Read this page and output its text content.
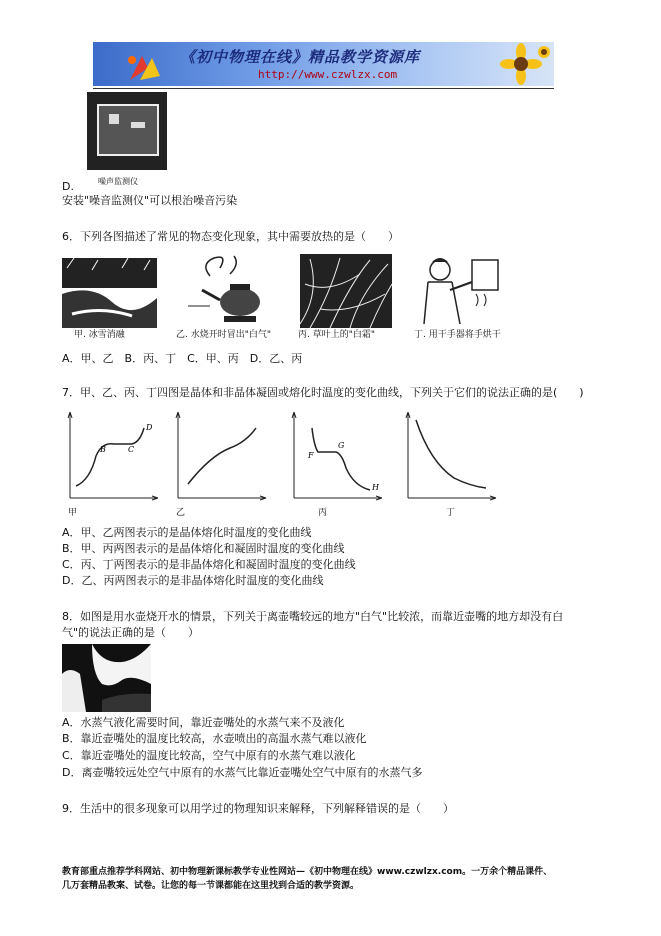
《初中物理在线》精品教学资源库
http://www.czwlzx.com
噪声监测仪
D.
安装"噪音监测仪"可以根治噪音污染
6．下列各图描述了常见的物态变化现象，其中需要放热的是（　　）
甲. 冰雪消融	乙. 水烧开时冒出"白气"	丙. 草叶上的"白霜"	丁. 用干手器将手烘干
A．甲、乙　B．丙、丁　C．甲、丙　D．乙、丙
7．甲、乙、丙、丁四图是晶体和非晶体凝固或熔化时温度的变化曲线，下列关于它们的说法正确的是(　　)
B	C
D
甲	乙
F
G
H
丙	丁
A．甲、乙两图表示的是晶体熔化时温度的变化曲线
B．甲、丙两图表示的是晶体熔化和凝固时温度的变化曲线
C．丙、丁两图表示的是非晶体熔化和凝固时温度的变化曲线
D．乙、丙两图表示的是非晶体熔化时温度的变化曲线
8．如图是用水壶烧开水的情景，下列关于离壶嘴较远的地方"白气"比较浓，而靠近壶嘴的地方却没有白
气"的说法正确的是（　　）
A．水蒸气液化需要时间，靠近壶嘴处的水蒸气来不及液化
B．靠近壶嘴处的温度比较高，水壶喷出的高温水蒸气难以液化
C．靠近壶嘴处的温度比较高，空气中原有的水蒸气难以液化
D．离壶嘴较远处空气中原有的水蒸气比靠近壶嘴处空气中原有的水蒸气多
9．生活中的很多现象可以用学过的物理知识来解释，下列解释错误的是（　　）
教育部重点推荐学科网站、初中物理新课标教学专业性网站—《初中物理在线》www.czwlzx.com。一万余个精品课件、
几万套精品教案、试卷。让您的每一节课都能在这里找到合适的教学资源。
